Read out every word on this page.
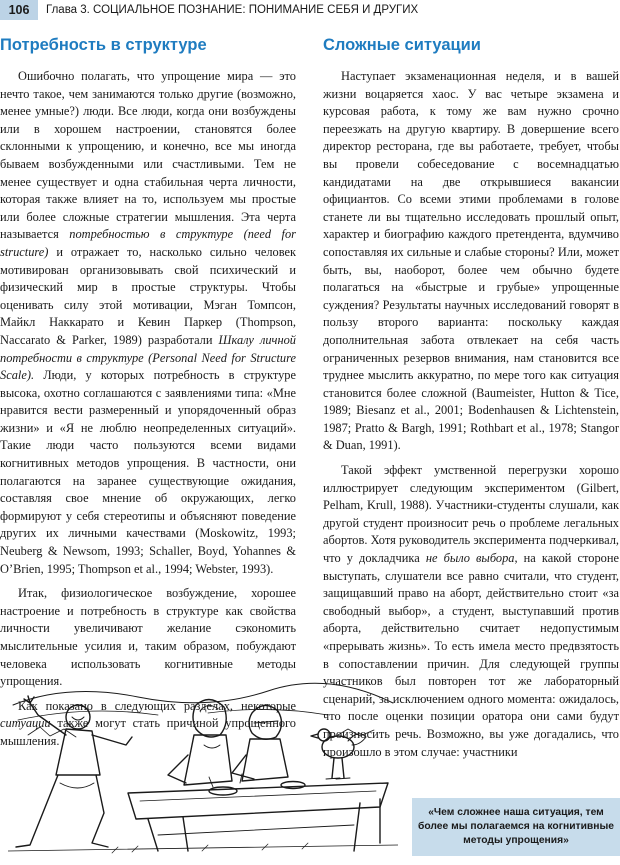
106	Глава 3. СОЦИАЛЬНОЕ ПОЗНАНИЕ: ПОНИМАНИЕ СЕБЯ И ДРУГИХ
Потребность в структуре

Ошибочно полагать, что упрощение мира — это нечто такое, чем занимаются только другие (возможно, менее умные?) люди. Все люди, когда они возбуждены или в хорошем настроении, становятся более склонными к упрощению, и конечно, все мы иногда бываем возбужденными или счастливыми. Тем не менее существует и одна стабильная черта личности, которая также влияет на то, используем мы простые или более сложные стратегии мышления. Эта черта называется потребностью в структуре (need for structure) и отражает то, насколько сильно человек мотивирован организовывать свой психический и физический мир в простые структуры. Чтобы оценивать силу этой мотивации, Мэган Томпсон, Майкл Наккарато и Кевин Паркер (Thompson, Naccarato & Parker, 1989) разработали Шкалу личной потребности в структуре (Personal Need for Structure Scale). Люди, у которых потребность в структуре высока, охотно соглашаются с заявлениями типа: «Мне нравится вести размеренный и упорядоченный образ жизни» и «Я не люблю неопределенных ситуаций». Такие люди часто пользуются всеми видами когнитивных методов упрощения. В частности, они полагаются на заранее существующие ожидания, составляя свое мнение об окружающих, легко формируют у себя стереотипы и объясняют поведение других их личными качествами (Moskowitz, 1993; Neuberg & Newsom, 1993; Schaller, Boyd, Yohannes & O’Brien, 1995; Thompson et al., 1994; Webster, 1993).

Итак, физиологическое возбуждение, хорошее настроение и потребность в структуре как свойства личности увеличивают желание сэкономить мыслительные усилия и, таким образом, побуждают человека использовать когнитивные методы упрощения.

Как показано в следующих разделах, некоторые ситуации также могут стать причиной упрощенного мышления.

Сложные ситуации

Наступает экзаменационная неделя, и в вашей жизни воцаряется хаос. У вас четыре экзамена и курсовая работа, к тому же вам нужно срочно переезжать на другую квартиру. В довершение всего директор ресторана, где вы работаете, требует, чтобы вы провели собеседование с восемнадцатью кандидатами на две открывшиеся вакансии официантов. Со всеми этими проблемами в голове станете ли вы тщательно исследовать прошлый опыт, характер и биографию каждого претендента, вдумчиво сопоставляя их сильные и слабые стороны? Или, может быть, вы, наоборот, более чем обычно будете полагаться на «быстрые и грубые» упрощенные суждения? Результаты научных исследований говорят в пользу второго варианта: поскольку каждая дополнительная забота отвлекает на себя часть ограниченных резервов внимания, нам становится все труднее мыслить аккуратно, по мере того как ситуация становится более сложной (Baumeister, Hutton & Tice, 1989; Biesanz et al., 2001; Bodenhausen & Lichtenstein, 1987; Pratto & Bargh, 1991; Rothbart et al., 1978; Stangor & Duan, 1991).

Такой эффект умственной перегрузки хорошо иллюстрирует следующим экспериментом (Gilbert, Pelham, Krull, 1988). Участники-студенты слушали, как другой студент произносит речь о проблеме легальных абортов. Хотя руководитель эксперимента подчеркивал, что у докладчика не было выбора, на какой стороне выступать, слушатели все равно считали, что студент, защищавший право на аборт, действительно стоит «за свободный выбор», а студент, выступавший против аборта, действительно считает недопустимым «прерывать жизнь». То есть имела место предвзятость в сопоставлении причин. Для следующей группы участников был повторен тот же лабораторный сценарий, за исключением одного момента: ожидалось, что после оценки позиции оратора они сами будут произносить речь. Возможно, вы уже догадались, что произошло в этом случае: участники

«Чем сложнее наша ситуация, тем более мы полагаемся на когнитивные методы упрощения»
